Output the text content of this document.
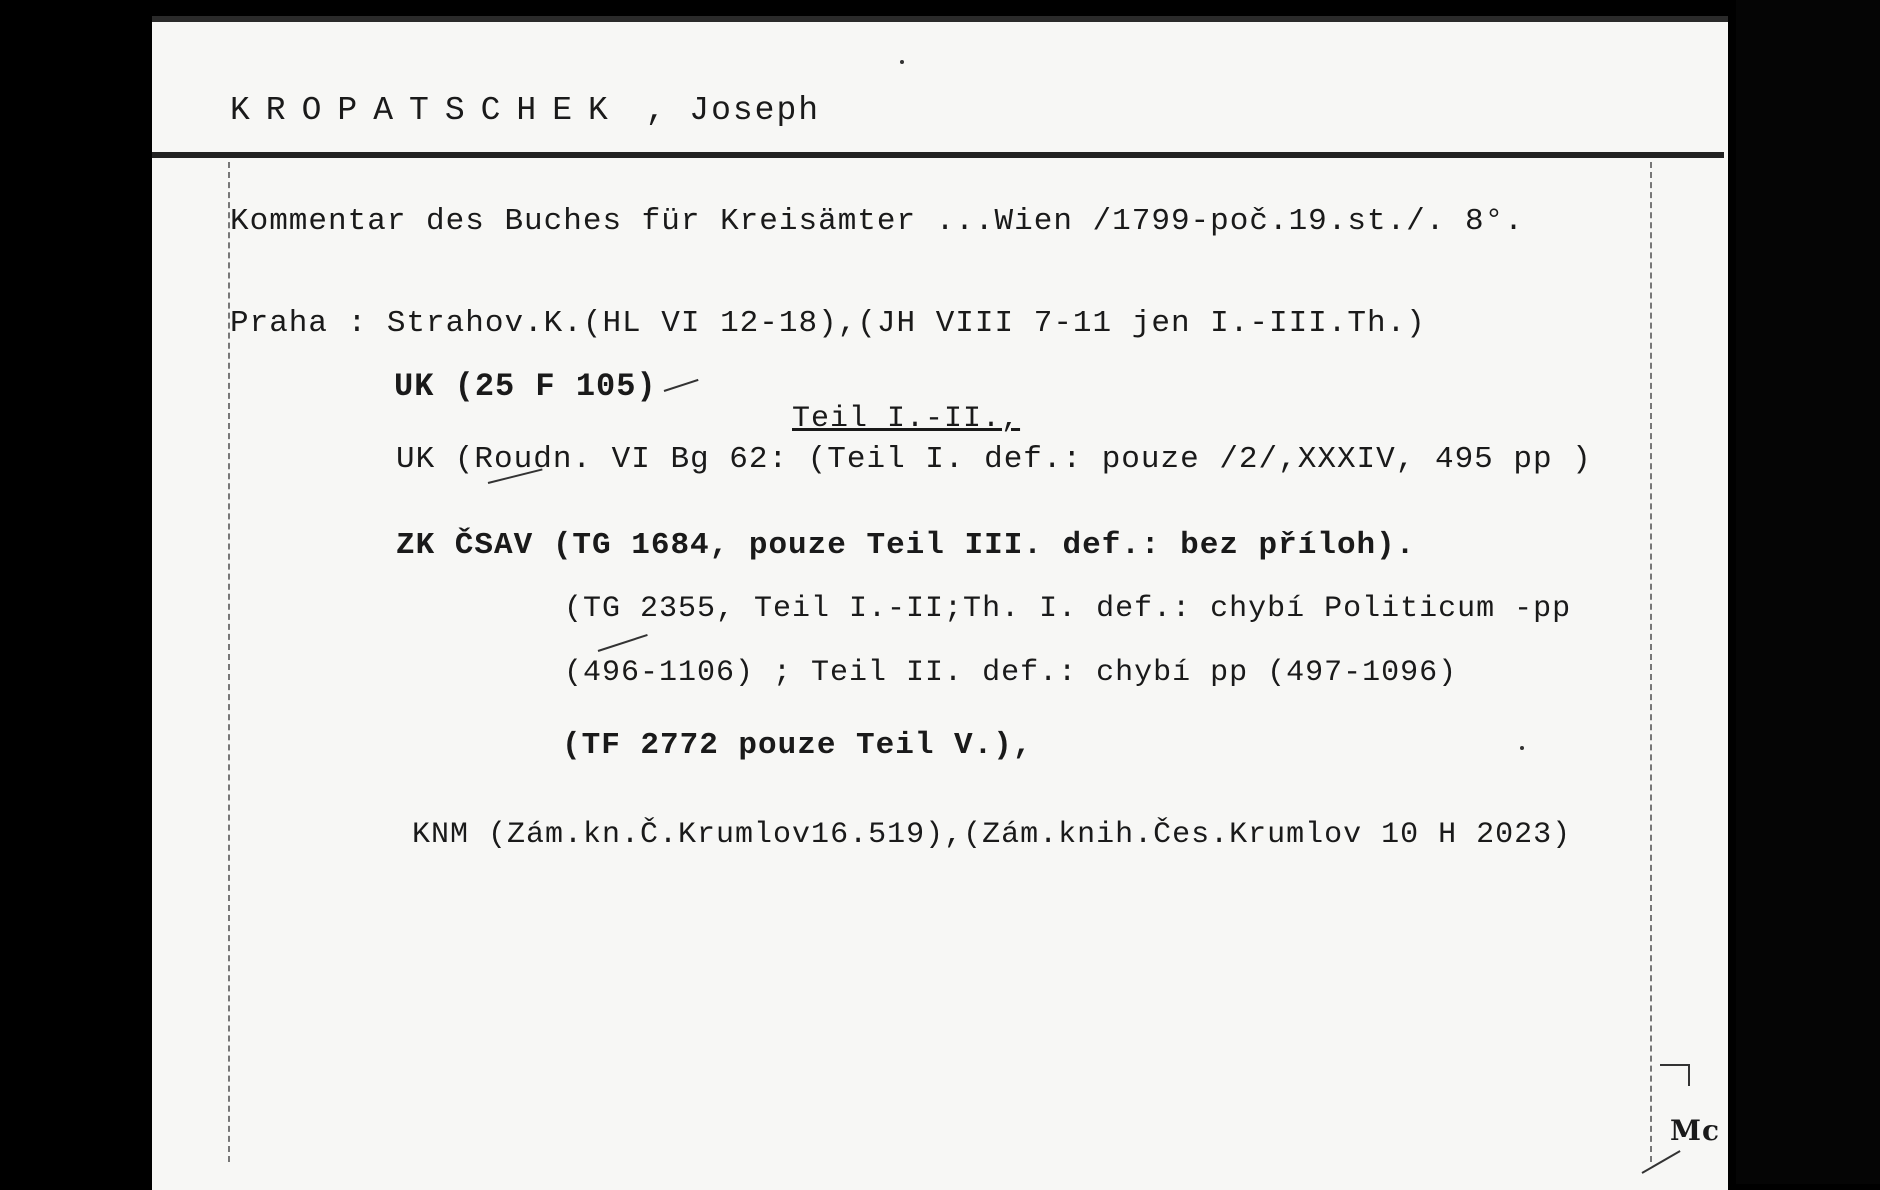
KROPATSCHEK , Joseph
Kommentar des Buches für Kreisämter ...Wien /1799-poč.19.st./. 8°.
Praha : Strahov.K.(HL VI 12-18),(JH VIII 7-11 jen I.-III.Th.)
UK (25 F 105)
Teil I.-II.,
UK (Roudn. VI Bg 62: (Teil I. def.: pouze /2/,XXXIV, 495 pp )
ZK ČSAV (TG 1684, pouze Teil III. def.: bez příloh).
(TG 2355, Teil I.-II;Th. I. def.: chybí Politicum -pp
(496-1106) ; Teil II. def.: chybí pp (497-1096)
(TF 2772 pouze Teil V.),
KNM (Zám.kn.Č.Krumlov16.519),(Zám.knih.Čes.Krumlov 10 H 2023)
Mc
